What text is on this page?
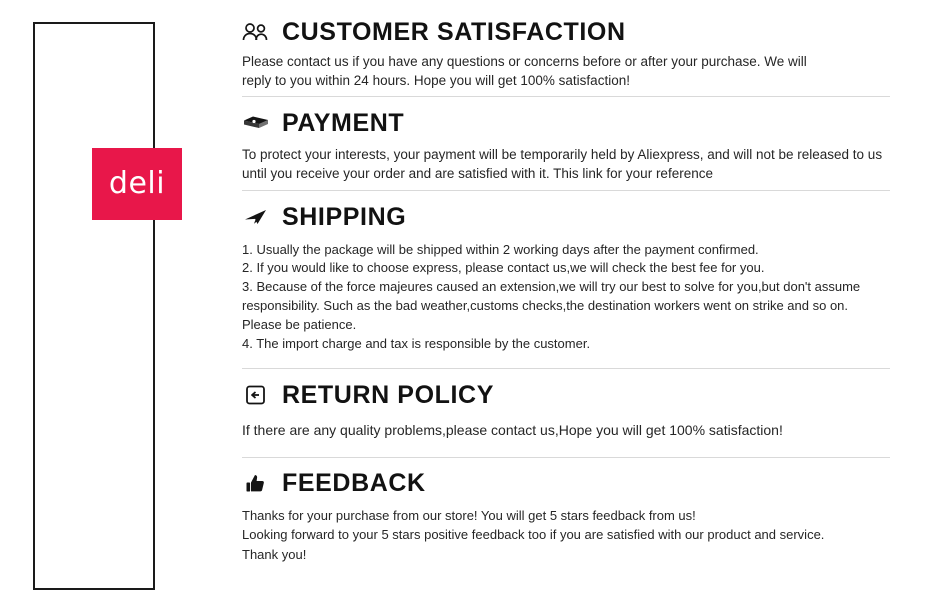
deli
CUSTOMER SATISFACTION
Please contact us if you have any questions or concerns before or after your purchase. We will
reply to you within 24 hours. Hope you will get 100% satisfaction!
PAYMENT
To protect your interests, your payment will be temporarily held by Aliexpress, and will not be released to us
until you receive your order and are satisfied with it. This link for your reference
SHIPPING
1. Usually the package will be shipped within 2 working days after the payment confirmed.
2. If you would like to choose express, please contact us,we will check the best fee for you.
3. Because of the force majeures caused an extension,we will try our best to solve for you,but don't assume
responsibility. Such as the bad weather,customs checks,the destination workers went on strike and so on.
Please be patience.
4. The import charge and tax is responsible by the customer.
RETURN POLICY
If there are any quality problems,please contact us,Hope you will get 100% satisfaction!
FEEDBACK
Thanks for your purchase from our store! You will get 5 stars feedback from us!
Looking forward to your 5 stars positive feedback too if you are satisfied with our product and service.
Thank you!
